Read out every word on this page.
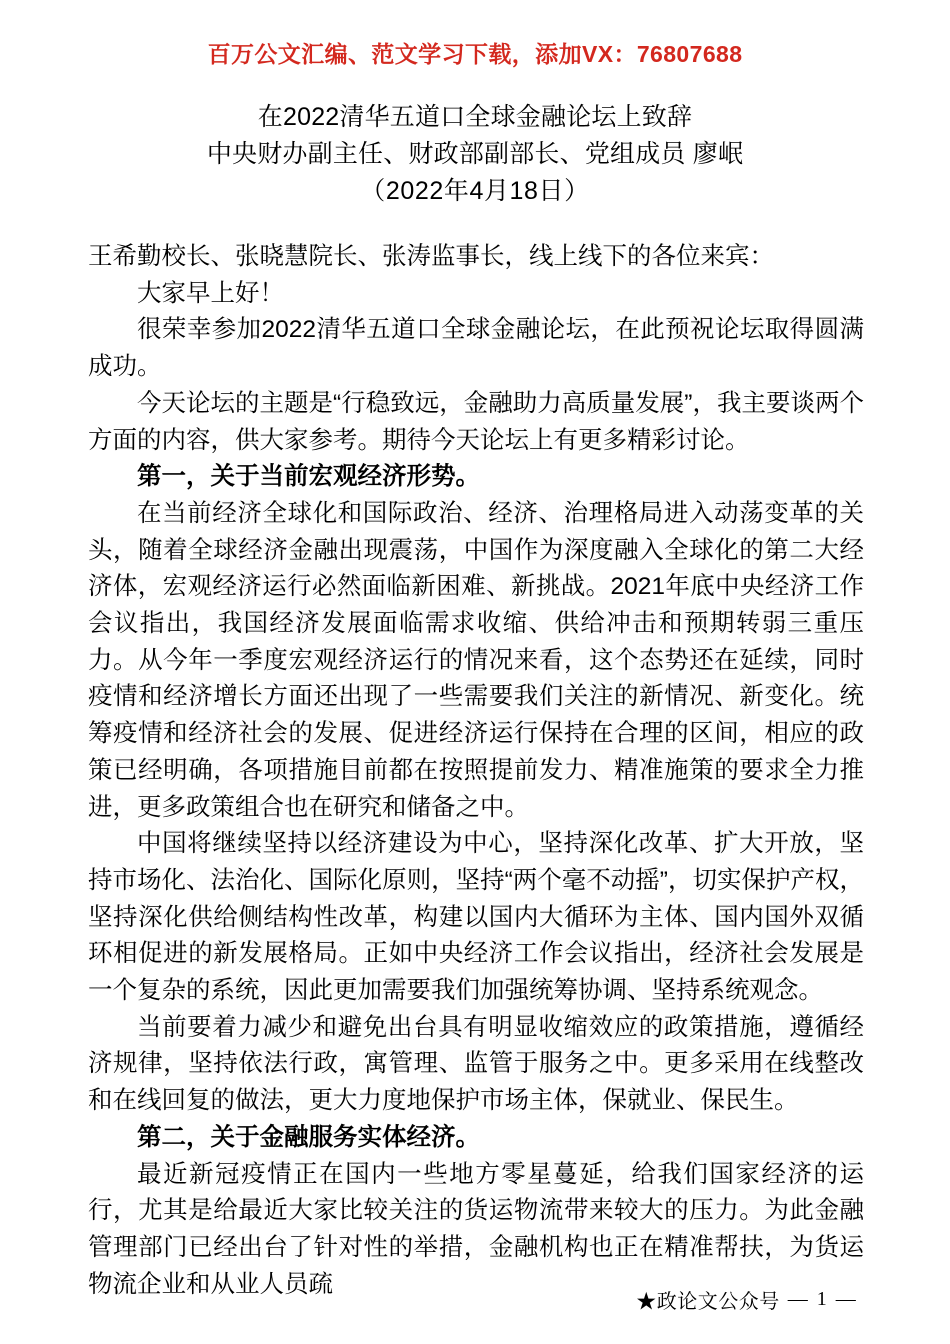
百万公文汇编、范文学习下载，添加VX：76807688
在2022清华五道口全球金融论坛上致辞
中央财办副主任、财政部副部长、党组成员 廖岷
（2022年4月18日）

王希勤校长、张晓慧院长、张涛监事长，线上线下的各位来宾：

大家早上好！

很荣幸参加2022清华五道口全球金融论坛，在此预祝论坛取得圆满成功。

今天论坛的主题是“行稳致远，金融助力高质量发展”，我主要谈两个方面的内容，供大家参考。期待今天论坛上有更多精彩讨论。

第一，关于当前宏观经济形势。

在当前经济全球化和国际政治、经济、治理格局进入动荡变革的关头，随着全球经济金融出现震荡，中国作为深度融入全球化的第二大经济体，宏观经济运行必然面临新困难、新挑战。2021年底中央经济工作会议指出，我国经济发展面临需求收缩、供给冲击和预期转弱三重压力。从今年一季度宏观经济运行的情况来看，这个态势还在延续，同时疫情和经济增长方面还出现了一些需要我们关注的新情况、新变化。统筹疫情和经济社会的发展、促进经济运行保持在合理的区间，相应的政策已经明确，各项措施目前都在按照提前发力、精准施策的要求全力推进，更多政策组合也在研究和储备之中。

中国将继续坚持以经济建设为中心，坚持深化改革、扩大开放，坚持市场化、法治化、国际化原则，坚持“两个毫不动摇”，切实保护产权，坚持深化供给侧结构性改革，构建以国内大循环为主体、国内国外双循环相促进的新发展格局。正如中央经济工作会议指出，经济社会发展是一个复杂的系统，因此更加需要我们加强统筹协调、坚持系统观念。

当前要着力减少和避免出台具有明显收缩效应的政策措施，遵循经济规律，坚持依法行政，寓管理、监管于服务之中。更多采用在线整改和在线回复的做法，更大力度地保护市场主体，保就业、保民生。

第二，关于金融服务实体经济。

最近新冠疫情正在国内一些地方零星蔓延，给我们国家经济的运行，尤其是给最近大家比较关注的货运物流带来较大的压力。为此金融管理部门已经出台了针对性的举措，金融机构也正在精准帮扶，为货运物流企业和从业人员疏

★政论文公众号 — 1 —
